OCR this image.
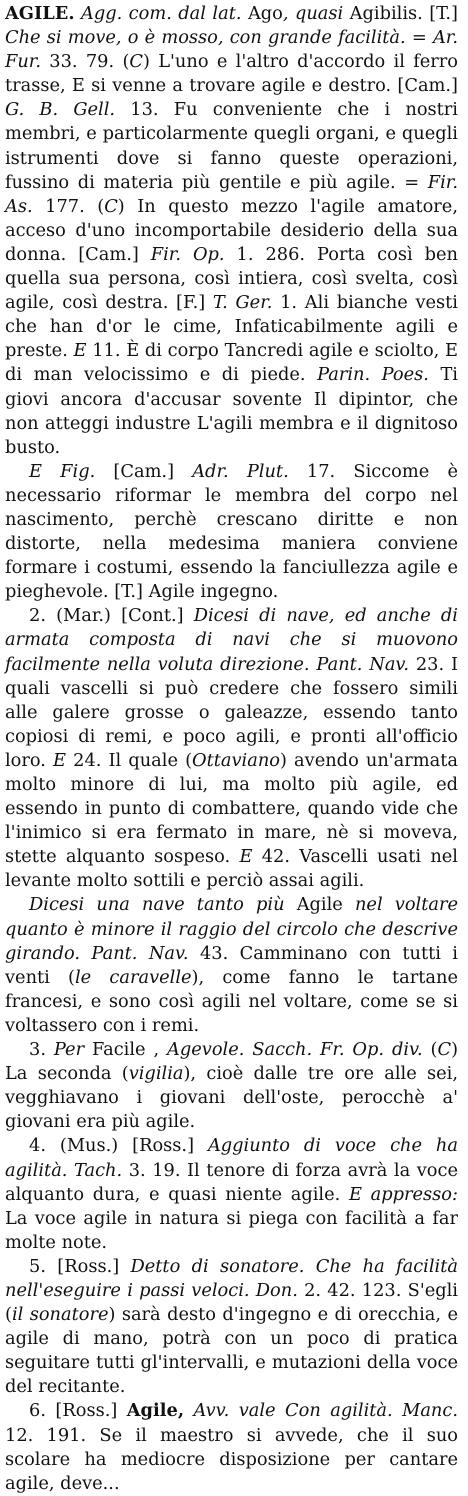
AGILE. Agg. com. dal lat. Ago, quasi Agibilis. [T.] Che si move, o è mosso, con grande facilità. = Ar. Fur. 33. 79. (C) L'uno e l'altro d'accordo il ferro trasse, E si venne a trovare agile e destro. [Cam.] G. B. Gell. 13. Fu conveniente che i nostri membri, e particolarmente quegli organi, e quegli istrumenti dove si fanno queste operazioni, fussino di materia più gentile e più agile. = Fir. As. 177. (C) In questo mezzo l'agile amatore, acceso d'uno incomportabile desiderio della sua donna. [Cam.] Fir. Op. 1. 286. Porta così ben quella sua persona, così intiera, così svelta, così agile, così destra. [F.] T. Ger. 1. Ali bianche vesti che han d'or le cime, Infaticabilmente agili e preste. E 11. È di corpo Tancredi agile e sciolto, E di man velocissimo e di piede. Parin. Poes. Ti giovi ancora d'accusar sovente Il dipintor, che non atteggi industre L'agili membra e il dignitoso busto.

E Fig. [Cam.] Adr. Plut. 17. Siccome è necessario riformar le membra del corpo nel nascimento, perchè crescano diritte e non distorte, nella medesima maniera conviene formare i costumi, essendo la fanciullezza agile e pieghevole. [T.] Agile ingegno.

2. (Mar.) [Cont.] Dicesi di nave, ed anche di armata composta di navi che si muovono facilmente nella voluta direzione. Pant. Nav. 23. I quali vascelli si può credere che fossero simili alle galere grosse o galeazze, essendo tanto copiosi di remi, e poco agili, e pronti all'officio loro. E 24. Il quale (Ottaviano) avendo un'armata molto minore di lui, ma molto più agile, ed essendo in punto di combattere, quando vide che l'inimico si era fermato in mare, nè si moveva, stette alquanto sospeso. E 42. Vascelli usati nel levante molto sottili e perciò assai agili.

Dicesi una nave tanto più Agile nel voltare quanto è minore il raggio del circolo che descrive girando. Pant. Nav. 43. Camminano con tutti i venti (le caravelle), come fanno le tartane francesi, e sono così agili nel voltare, come se si voltassero con i remi.

3. Per Facile , Agevole. Sacch. Fr. Op. div. (C) La seconda (vigilia), cioè dalle tre ore alle sei, vegghiavano i giovani dell'oste, perocchè a' giovani era più agile.

4. (Mus.) [Ross.] Aggiunto di voce che ha agilità. Tach. 3. 19. Il tenore di forza avrà la voce alquanto dura, e quasi niente agile. E appresso: La voce agile in natura si piega con facilità a far molte note.

5. [Ross.] Detto di sonatore. Che ha facilità nell'eseguire i passi veloci. Don. 2. 42. 123. S'egli (il sonatore) sarà desto d'ingegno e di orecchia, e agile di mano, potrà con un poco di pratica seguitare tutti gl'intervalli, e mutazioni della voce del recitante.

6. [Ross.] Agile, Avv. vale Con agilità. Manc. 12. 191. Se il maestro si avvede, che il suo scolare ha mediocre disposizione per cantare agile, deve...
